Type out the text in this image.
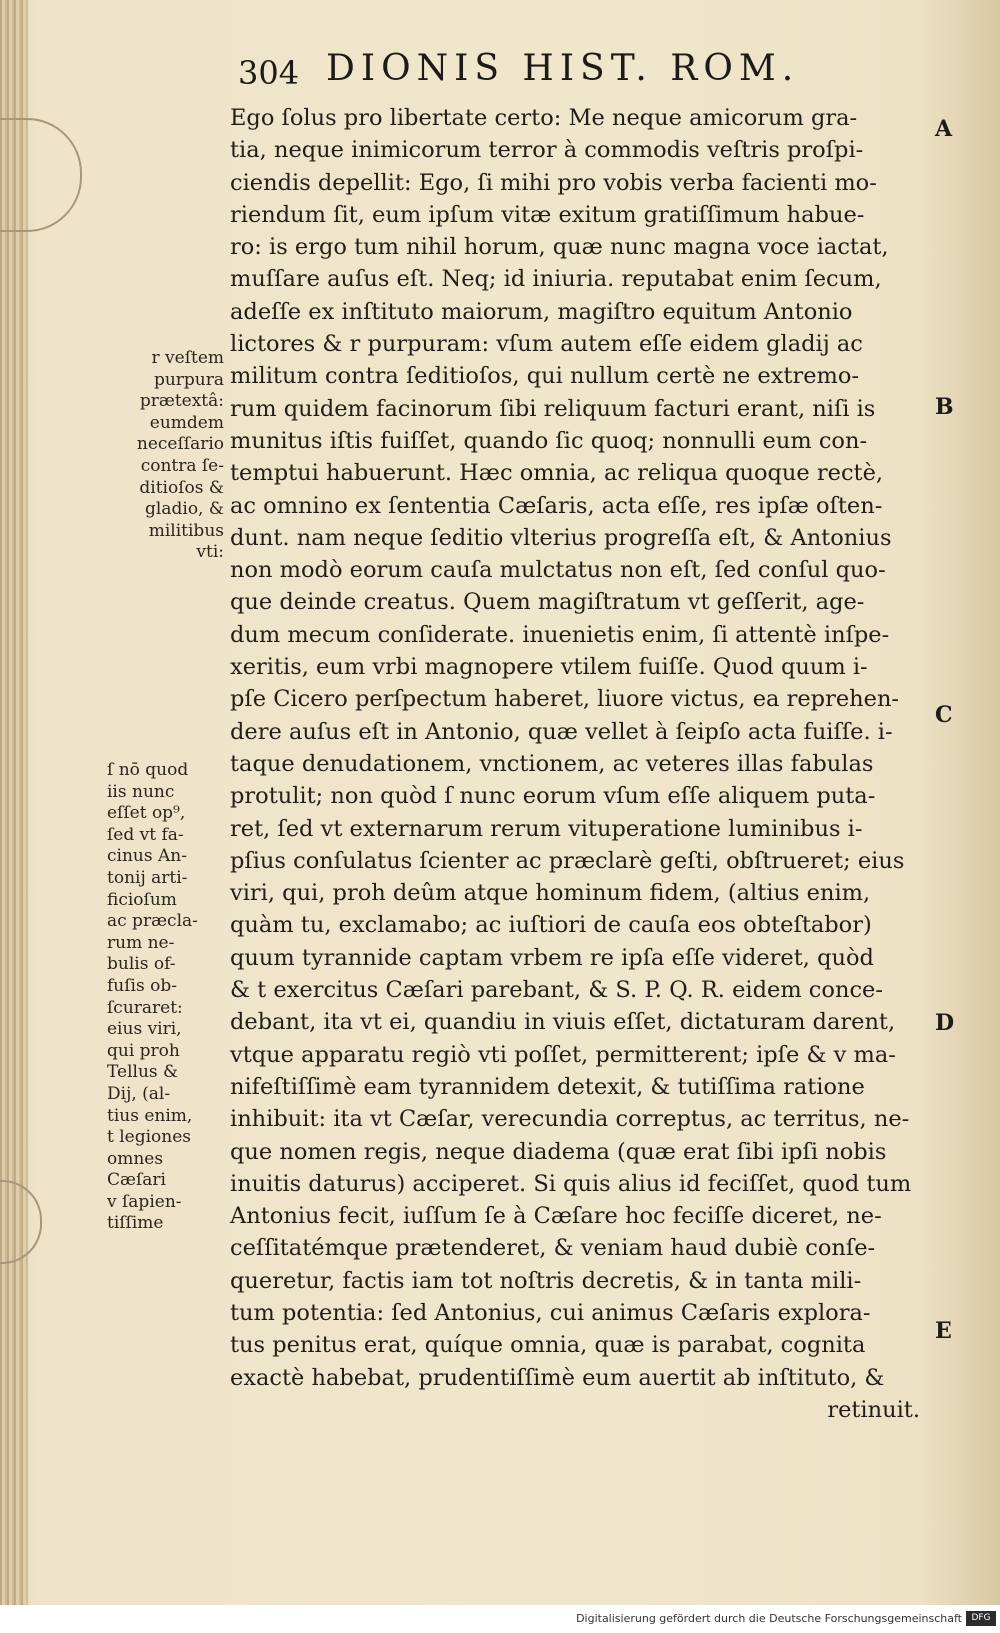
304 DIONIS HIST. ROM.
Ego ſolus pro libertate certo: Me neque amicorum gra-
tia, neque inimicorum terror à commodis veſtris proſpi-
ciendis depellit: Ego, ſi mihi pro vobis verba facienti mo-
riendum ſit, eum ipſum vitæ exitum gratiſſimum habue-
ro: is ergo tum nihil horum, quæ nunc magna voce iactat,
muſſare auſus eſt. Neq; id iniuria. reputabat enim ſecum,
adeſſe ex inſtituto maiorum, magiſtro equitum Antonio
lictores & r purpuram: vſum autem eſſe eidem gladij ac
militum contra ſeditioſos, qui nullum certè ne extremo-
rum quidem facinorum ſibi reliquum facturi erant, niſi is
munitus iſtis fuiſſet, quando ſic quoq; nonnulli eum con-
temptui habuerunt. Hæc omnia, ac reliqua quoque rectè,
ac omnino ex ſententia Cæſaris, acta eſſe, res ipſæ oſten-
dunt. nam neque ſeditio vlterius progreſſa eſt, & Antonius
non modò eorum cauſa mulctatus non eſt, ſed conſul quo-
que deinde creatus. Quem magiſtratum vt geſſerit, age-
dum mecum conſiderate. inuenietis enim, ſi attentè inſpe-
xeritis, eum vrbi magnopere vtilem fuiſſe. Quod quum i-
pſe Cicero perſpectum haberet, liuore victus, ea reprehen-
dere auſus eſt in Antonio, quæ vellet à ſeipſo acta fuiſſe. i-
taque denudationem, vnctionem, ac veteres illas fabulas
protulit; non quòd ſ nunc eorum vſum eſſe aliquem puta-
ret, ſed vt externarum rerum vituperatione luminibus i-
pſius conſulatus ſcienter ac præclarè geſti, obſtrueret; eius
viri, qui, proh deûm atque hominum fidem, (altius enim,
quàm tu, exclamabo; ac iuſtiori de cauſa eos obteſtabor)
quum tyrannide captam vrbem re ipſa eſſe videret, quòd
& t exercitus Cæſari parebant, & S. P. Q. R. eidem conce-
debant, ita vt ei, quandiu in viuis eſſet, dictaturam darent,
vtque apparatu regiò vti poſſet, permitterent; ipſe & v ma-
nifeſtiſſimè eam tyrannidem detexit, & tutiſſima ratione
inhibuit: ita vt Cæſar, verecundia correptus, ac territus, ne-
que nomen regis, neque diadema (quæ erat ſibi ipſi nobis
inuitis daturus) acciperet. Si quis alius id feciſſet, quod tum
Antonius fecit, iuſſum ſe à Cæſare hoc feciſſe diceret, ne-
ceſſitatémque prætenderet, & veniam haud dubiè conſe-
queretur, factis iam tot noſtris decretis, & in tanta mili-
tum potentia: ſed Antonius, cui animus Cæſaris explora-
tus penitus erat, quíque omnia, quæ is parabat, cognita
exactè habebat, prudentiſſimè eum auertit ab inſtituto, &
retinuit.
r veſtem
purpura
prætextâ:
eumdem
neceſſario
contra ſe-
ditioſos &
gladio, &
militibus
vti:
ſ nō quod
iis nunc
eſſet op⁹,
ſed vt fa-
cinus An-
tonij arti-
ficioſum
ac præcla-
rum ne-
bulis of-
fuſis ob-
ſcuraret:
eius viri,
qui proh
Tellus &
Dij, (al-
tius enim,
t legiones
omnes
Cæſari
v ſapien-
tiſſime
A
B
C
D
E
Digitalisierung gefördert durch die Deutsche Forschungsgemeinschaft	DFG
